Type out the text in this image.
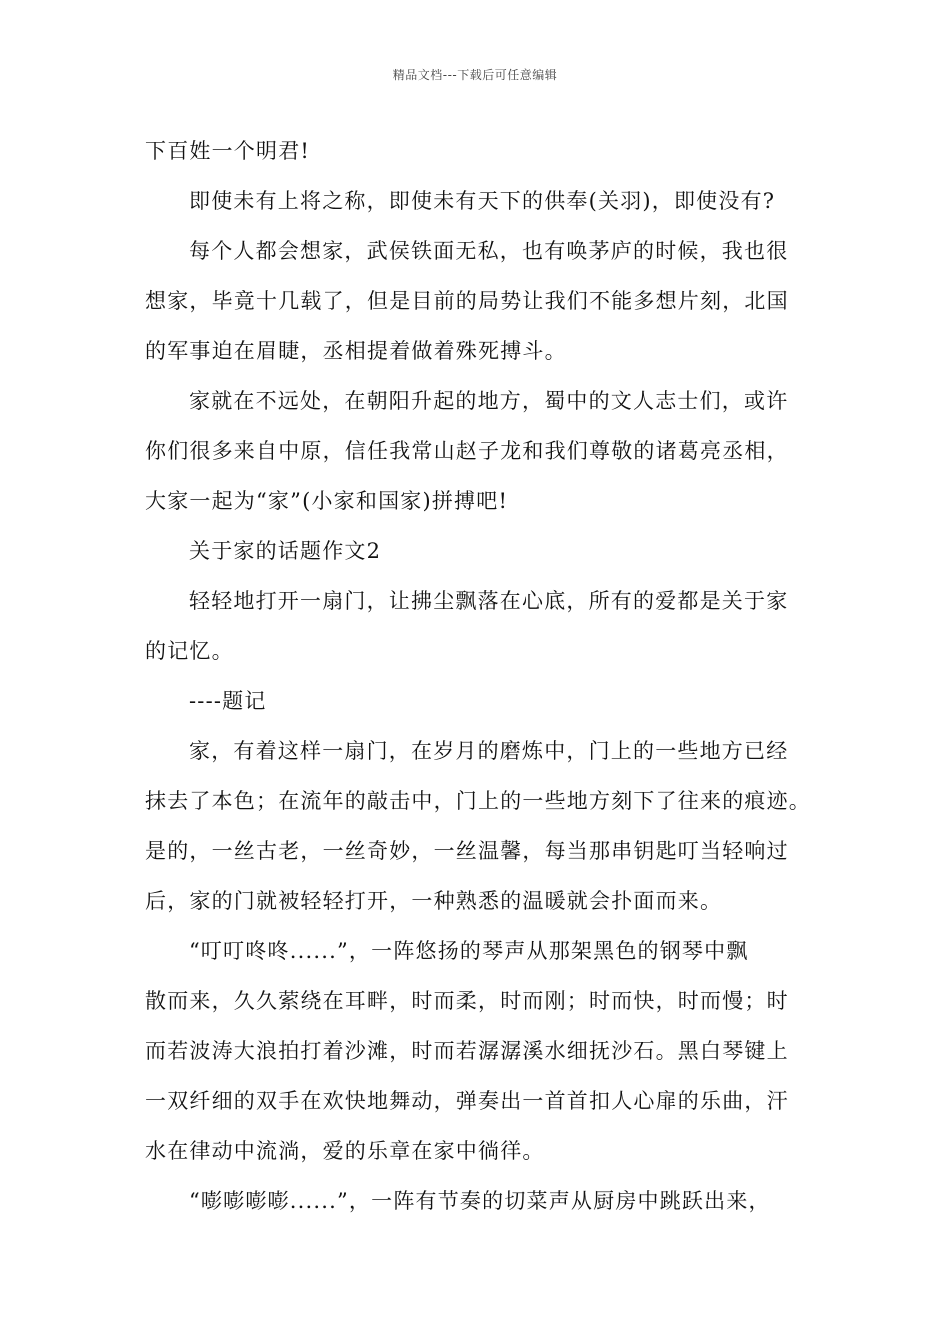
精品文档---下载后可任意编辑
下百姓一个明君!
即使未有上将之称，即使未有天下的供奉(关羽)，即使没有?
每个人都会想家，武侯铁面无私，也有唤茅庐的时候，我也很
想家，毕竟十几载了，但是目前的局势让我们不能多想片刻，北国
的军事迫在眉睫，丞相提着做着殊死搏斗。
家就在不远处，在朝阳升起的地方，蜀中的文人志士们，或许
你们很多来自中原，信任我常山赵子龙和我们尊敬的诸葛亮丞相，
大家一起为“家”(小家和国家)拼搏吧!
关于家的话题作文2
轻轻地打开一扇门，让拂尘飘落在心底，所有的爱都是关于家
的记忆。
----题记
家，有着这样一扇门，在岁月的磨炼中，门上的一些地方已经
抹去了本色；在流年的敲击中，门上的一些地方刻下了往来的痕迹。
是的，一丝古老，一丝奇妙，一丝温馨，每当那串钥匙叮当轻响过
后，家的门就被轻轻打开，一种熟悉的温暖就会扑面而来。
“叮叮咚咚......”，一阵悠扬的琴声从那架黑色的钢琴中飘
散而来，久久萦绕在耳畔，时而柔，时而刚；时而快，时而慢；时
而若波涛大浪拍打着沙滩，时而若潺潺溪水细抚沙石。黑白琴键上
一双纤细的双手在欢快地舞动，弹奏出一首首扣人心扉的乐曲，汗
水在律动中流淌，爱的乐章在家中徜徉。
“嘭嘭嘭嘭......”，一阵有节奏的切菜声从厨房中跳跃出来，
